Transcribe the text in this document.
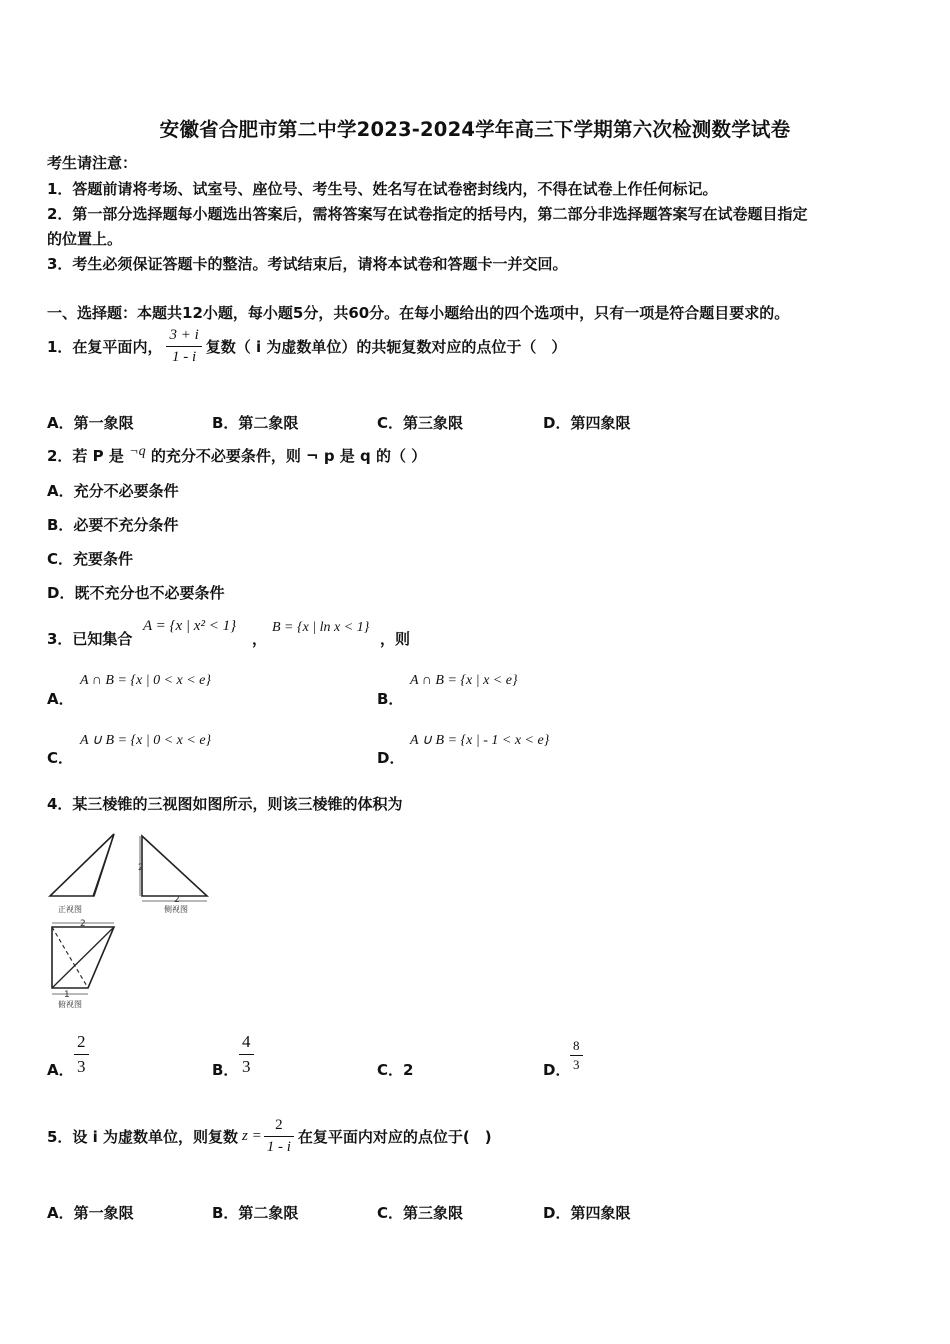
安徽省合肥市第二中学2023-2024学年高三下学期第六次检测数学试卷
考生请注意：
1．答题前请将考场、试室号、座位号、考生号、姓名写在试卷密封线内，不得在试卷上作任何标记。
2．第一部分选择题每小题选出答案后，需将答案写在试卷指定的括号内，第二部分非选择题答案写在试卷题目指定
的位置上。
3．考生必须保证答题卡的整洁。考试结束后，请将本试卷和答题卡一并交回。
一、选择题：本题共12小题，每小题5分，共60分。在每小题给出的四个选项中，只有一项是符合题目要求的。
1．在复平面内， $\frac{3 + i}{1 - i}$ 复数（ i 为虚数单位）的共轭复数对应的点位于（　）
A．第一象限	B．第二象限	C．第三象限	D．第四象限
2．若 P 是 ¬q 的充分不必要条件，则 ¬ p 是 q 的（ ）
A．充分不必要条件
B．必要不充分条件
C．充要条件
D．既不充分也不必要条件
3．已知集合
A = {x | x² < 1}
，
B = {x | ln x < 1}
，则
A．
A ∩ B = {x | 0 < x < e}
B．
A ∩ B = {x | x < e}
C．
A ∪ B = {x | 0 < x < e}
D．
A ∪ B = {x | - 1 < x < e}
4．某三棱锥的三视图如图所示，则该三棱锥的体积为
正视图
2
2
侧视图
2
1
俯视图
A． $\frac{2}{3}$	B． $\frac{4}{3}$	C．2	D． $\frac{8}{3}$
5．设 i 为虚数单位，则复数 $z = \frac{2}{1 - i}$ 在复平面内对应的点位于(　)
A．第一象限	B．第二象限	C．第三象限	D．第四象限
